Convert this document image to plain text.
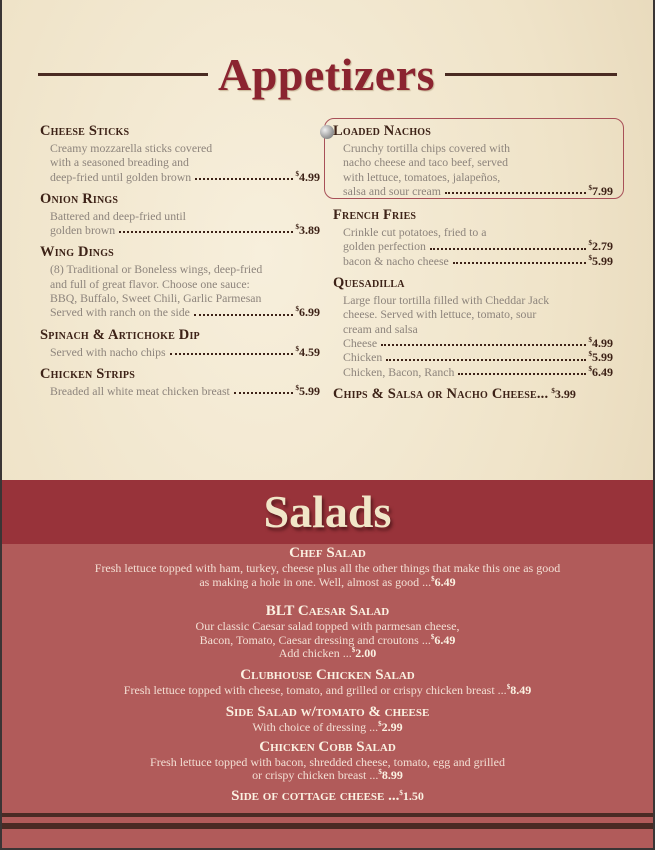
Appetizers
Cheese Sticks
Creamy mozzarella sticks covered
with a seasoned breading and
deep-fried until golden brown	$4.99
Onion Rings
Battered and deep-fried until
golden brown	$3.89
Wing Dings
(8) Traditional or Boneless wings, deep-fried
and full of great flavor. Choose one sauce:
BBQ, Buffalo, Sweet Chili, Garlic Parmesan
Served with ranch on the side	$6.99
Spinach & Artichoke Dip
Served with nacho chips	$4.59
Chicken Strips
Breaded all white meat chicken breast	$5.99
Loaded Nachos
Crunchy tortilla chips covered with
nacho cheese and taco beef, served
with lettuce, tomatoes, jalapeños,
salsa and sour cream	$7.99
French Fries
Crinkle cut potatoes, fried to a
golden perfection	$2.79
bacon & nacho cheese	$5.99
Quesadilla
Large flour tortilla filled with Cheddar Jack
cheese. Served with lettuce, tomato, sour
cream and salsa
Cheese	$4.99
Chicken	$5.99
Chicken, Bacon, Ranch	$6.49
Chips & Salsa or Nacho Cheese... $3.99
Salads
Chef Salad
Fresh lettuce topped with ham, turkey, cheese plus all the other things that make this one as good
as making a hole in one. Well, almost as good ...$6.49
BLT Caesar Salad
Our classic Caesar salad topped with parmesan cheese,
Bacon, Tomato, Caesar dressing and croutons ...$6.49
Add chicken ...$2.00
Clubhouse Chicken Salad
Fresh lettuce topped with cheese, tomato, and grilled or crispy chicken breast ...$8.49
Side Salad w/tomato & cheese
With choice of dressing ...$2.99
Chicken Cobb Salad
Fresh lettuce topped with bacon, shredded cheese, tomato, egg and grilled
or crispy chicken breast ...$8.99
Side of cottage cheese ...$1.50
